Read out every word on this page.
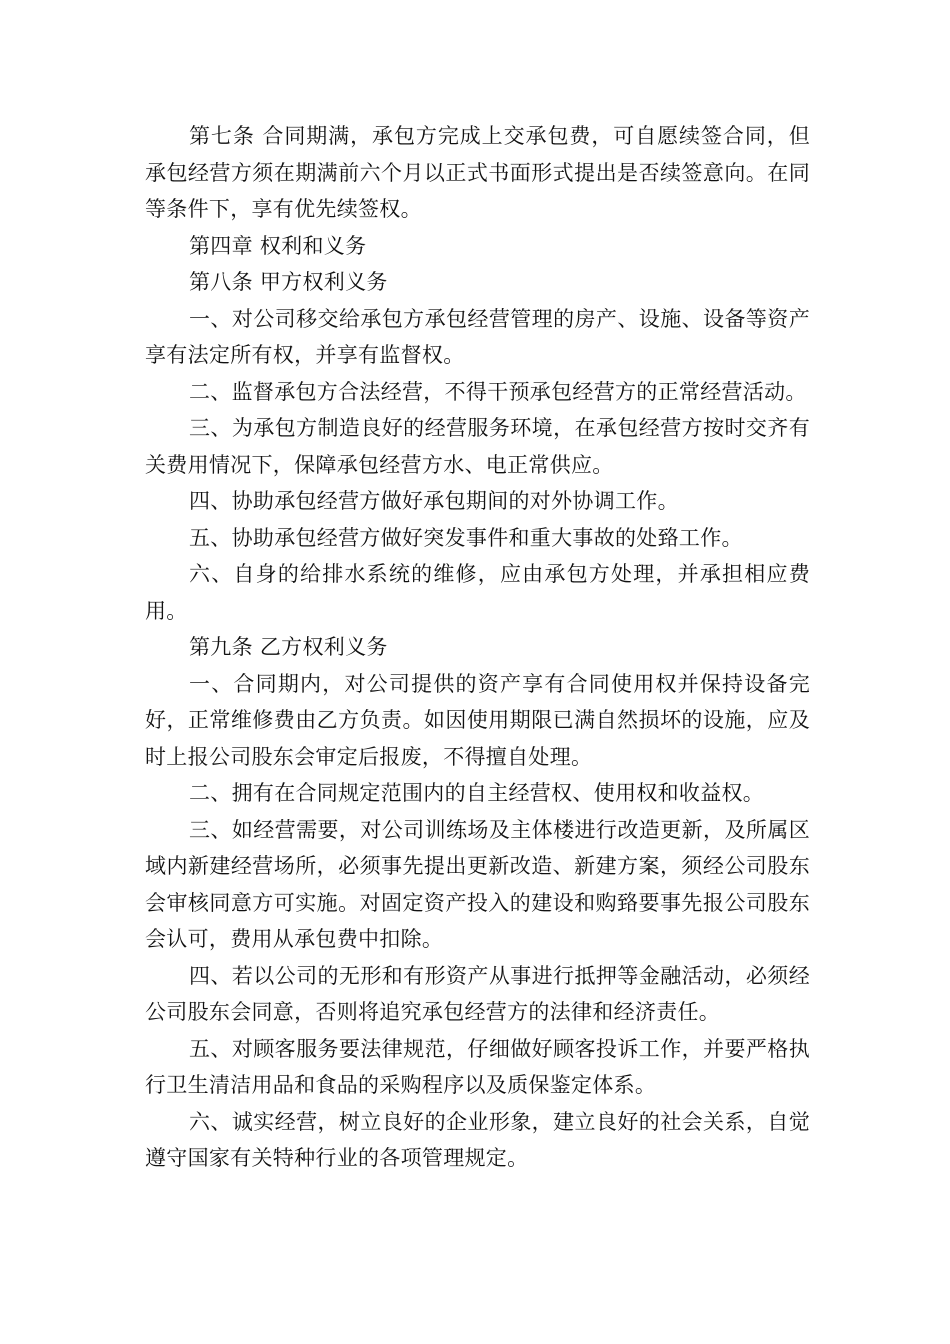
第七条 合同期满，承包方完成上交承包费，可自愿续签合同，但承包经营方须在期满前六个月以正式书面形式提出是否续签意向。在同等条件下，享有优先续签权。

第四章 权利和义务

第八条 甲方权利义务

一、对公司移交给承包方承包经营管理的房产、设施、设备等资产享有法定所有权，并享有监督权。

二、监督承包方合法经营，不得干预承包经营方的正常经营活动。

三、为承包方制造良好的经营服务环境，在承包经营方按时交齐有关费用情况下，保障承包经营方水、电正常供应。

四、协助承包经营方做好承包期间的对外协调工作。

五、协助承包经营方做好突发事件和重大事故的处臵工作。

六、自身的给排水系统的维修，应由承包方处理，并承担相应费用。

第九条 乙方权利义务

一、合同期内，对公司提供的资产享有合同使用权并保持设备完好，正常维修费由乙方负责。如因使用期限已满自然损坏的设施，应及时上报公司股东会审定后报废，不得擅自处理。

二、拥有在合同规定范围内的自主经营权、使用权和收益权。

三、如经营需要，对公司训练场及主体楼进行改造更新，及所属区域内新建经营场所，必须事先提出更新改造、新建方案，须经公司股东会审核同意方可实施。对固定资产投入的建设和购臵要事先报公司股东会认可，费用从承包费中扣除。

四、若以公司的无形和有形资产从事进行抵押等金融活动，必须经公司股东会同意，否则将追究承包经营方的法律和经济责任。

五、对顾客服务要法律规范，仔细做好顾客投诉工作，并要严格执行卫生清洁用品和食品的采购程序以及质保鉴定体系。

六、诚实经营，树立良好的企业形象，建立良好的社会关系，自觉遵守国家有关特种行业的各项管理规定。
